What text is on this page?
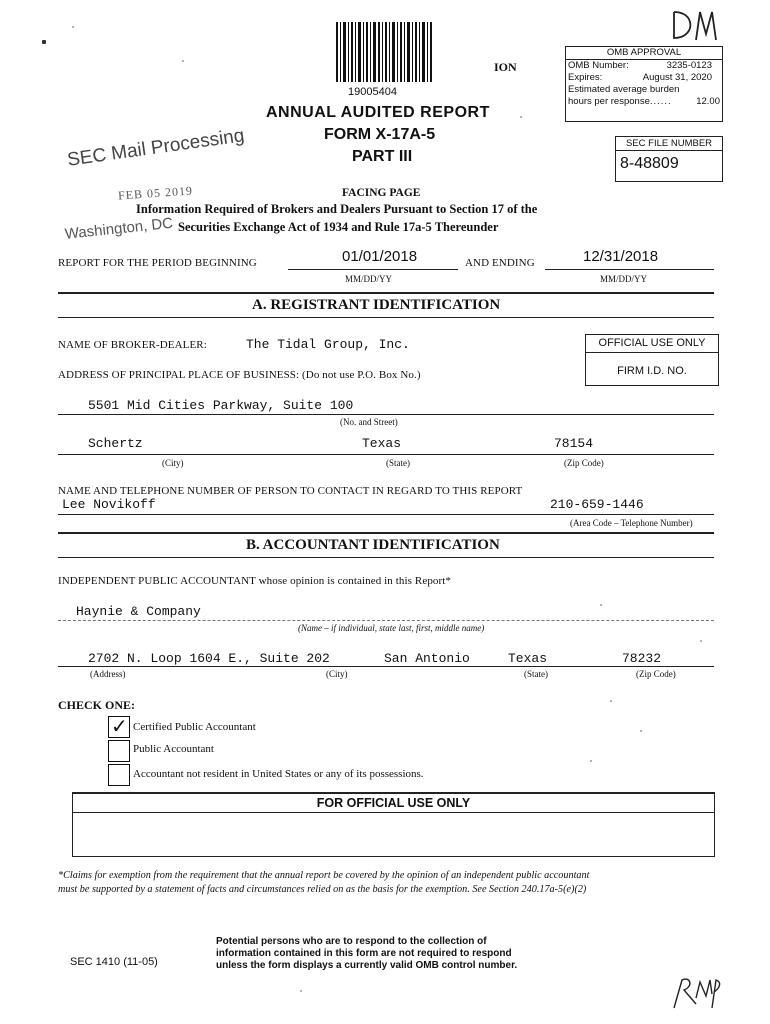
19005404
ION
OMB APPROVAL
OMB Number:	3235-0123
Expires:	August 31, 2020
Estimated average burden
hours per response......	12.00
SEC FILE NUMBER
8-48809
ANNUAL AUDITED REPORT
FORM X-17A-5
PART III
SEC Mail Processing
FEB 05 2019
Washington, DC
FACING PAGE
Information Required of Brokers and Dealers Pursuant to Section 17 of the
Securities Exchange Act of 1934 and Rule 17a-5 Thereunder
REPORT FOR THE PERIOD BEGINNING	01/01/2018
MM/DD/YY
AND ENDING	12/31/2018
MM/DD/YY
A. REGISTRANT IDENTIFICATION
NAME OF BROKER-DEALER:	The Tidal Group, Inc.	OFFICIAL USE ONLY
FIRM I.D. NO.
ADDRESS OF PRINCIPAL PLACE OF BUSINESS: (Do not use P.O. Box No.)
5501 Mid Cities Parkway, Suite 100
(No. and Street)
Schertz	Texas	78154
(City)	(State)	(Zip Code)
NAME AND TELEPHONE NUMBER OF PERSON TO CONTACT IN REGARD TO THIS REPORT
Lee Novikoff	210-659-1446
(Area Code – Telephone Number)
B. ACCOUNTANT IDENTIFICATION
INDEPENDENT PUBLIC ACCOUNTANT whose opinion is contained in this Report*
Haynie & Company
(Name – if individual, state last, first, middle name)
2702 N. Loop 1604 E., Suite 202	San Antonio	Texas	78232
(Address)	(City)	(State)	(Zip Code)
CHECK ONE:
✓ Certified Public Accountant
Public Accountant
Accountant not resident in United States or any of its possessions.
FOR OFFICIAL USE ONLY
*Claims for exemption from the requirement that the annual report be covered by the opinion of an independent public accountant
must be supported by a statement of facts and circumstances relied on as the basis for the exemption. See Section 240.17a-5(e)(2)
SEC 1410 (11-05)
Potential persons who are to respond to the collection of
information contained in this form are not required to respond
unless the form displays a currently valid OMB control number.
